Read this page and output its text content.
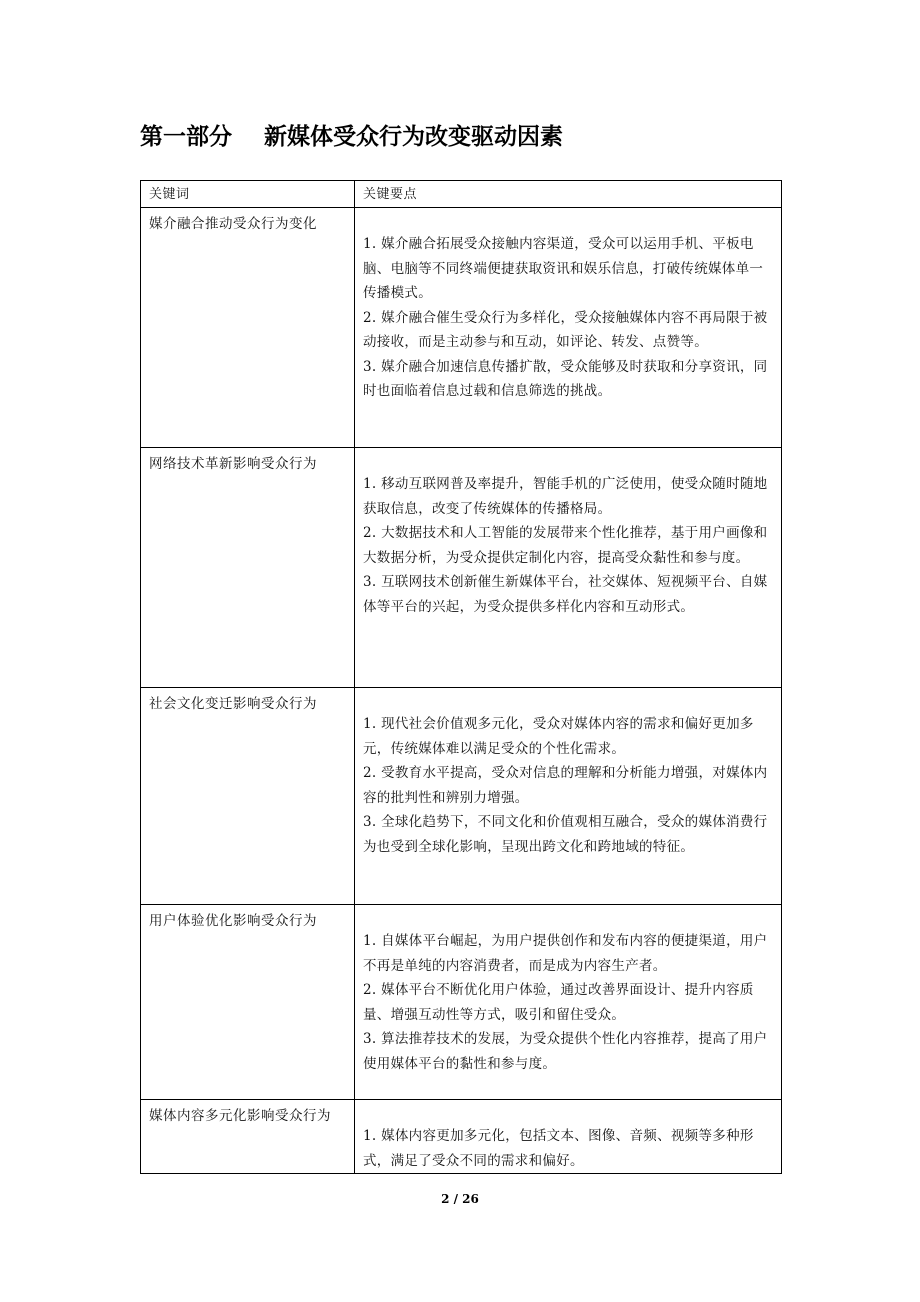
第一部分    新媒体受众行为改变驱动因素
关键词	关键要点
媒介融合推动受众行为变化	1. 媒介融合拓展受众接触内容渠道，受众可以运用手机、平板电脑、电脑等不同终端便捷获取资讯和娱乐信息，打破传统媒体单一传播模式。

2. 媒介融合催生受众行为多样化，受众接触媒体内容不再局限于被动接收，而是主动参与和互动，如评论、转发、点赞等。

3. 媒介融合加速信息传播扩散，受众能够及时获取和分享资讯，同时也面临着信息过载和信息筛选的挑战。

网络技术革新影响受众行为	1. 移动互联网普及率提升，智能手机的广泛使用，使受众随时随地获取信息，改变了传统媒体的传播格局。

2. 大数据技术和人工智能的发展带来个性化推荐，基于用户画像和大数据分析，为受众提供定制化内容，提高受众黏性和参与度。

3. 互联网技术创新催生新媒体平台，社交媒体、短视频平台、自媒体等平台的兴起，为受众提供多样化内容和互动形式。

社会文化变迁影响受众行为	1. 现代社会价值观多元化，受众对媒体内容的需求和偏好更加多元，传统媒体难以满足受众的个性化需求。

2. 受教育水平提高，受众对信息的理解和分析能力增强，对媒体内容的批判性和辨别力增强。

3. 全球化趋势下，不同文化和价值观相互融合，受众的媒体消费行为也受到全球化影响，呈现出跨文化和跨地域的特征。

用户体验优化影响受众行为	1. 自媒体平台崛起，为用户提供创作和发布内容的便捷渠道，用户不再是单纯的内容消费者，而是成为内容生产者。

2. 媒体平台不断优化用户体验，通过改善界面设计、提升内容质量、增强互动性等方式，吸引和留住受众。

3. 算法推荐技术的发展，为受众提供个性化内容推荐，提高了用户使用媒体平台的黏性和参与度。

媒体内容多元化影响受众行为	1. 媒体内容更加多元化，包括文本、图像、音频、视频等多种形式，满足了受众不同的需求和偏好。

2 / 26
